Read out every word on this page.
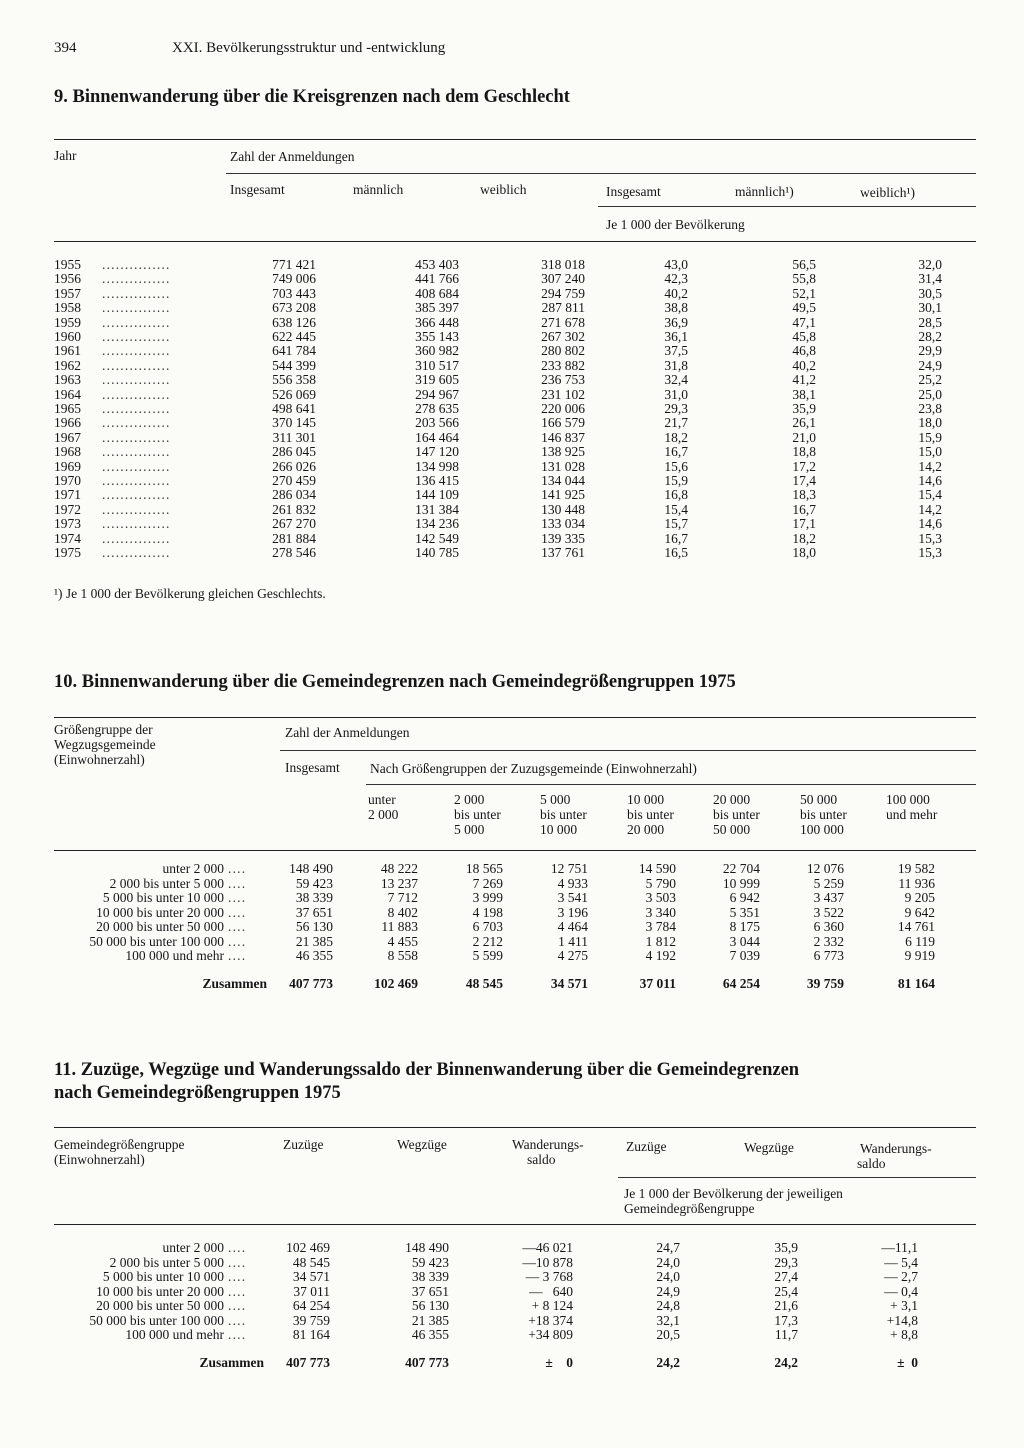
394	XXI. Bevölkerungsstruktur und -entwicklung
9. Binnenwanderung über die Kreisgrenzen nach dem Geschlecht
Jahr	Zahl der Anmeldungen
Insgesamt	männlich	weiblich	Insgesamt	männlich¹)	weiblich¹)
Je 1 000 der Bevölkerung
1955 ...............	771 421	453 403	318 018	43,0	56,5	32,0
1956 ...............	749 006	441 766	307 240	42,3	55,8	31,4
1957 ...............	703 443	408 684	294 759	40,2	52,1	30,5
1958 ...............	673 208	385 397	287 811	38,8	49,5	30,1
1959 ...............	638 126	366 448	271 678	36,9	47,1	28,5
1960 ...............	622 445	355 143	267 302	36,1	45,8	28,2
1961 ...............	641 784	360 982	280 802	37,5	46,8	29,9
1962 ...............	544 399	310 517	233 882	31,8	40,2	24,9
1963 ...............	556 358	319 605	236 753	32,4	41,2	25,2
1964 ...............	526 069	294 967	231 102	31,0	38,1	25,0
1965 ...............	498 641	278 635	220 006	29,3	35,9	23,8
1966 ...............	370 145	203 566	166 579	21,7	26,1	18,0
1967 ...............	311 301	164 464	146 837	18,2	21,0	15,9
1968 ...............	286 045	147 120	138 925	16,7	18,8	15,0
1969 ...............	266 026	134 998	131 028	15,6	17,2	14,2
1970 ...............	270 459	136 415	134 044	15,9	17,4	14,6
1971 ...............	286 034	144 109	141 925	16,8	18,3	15,4
1972 ...............	261 832	131 384	130 448	15,4	16,7	14,2
1973 ...............	267 270	134 236	133 034	15,7	17,1	14,6
1974 ...............	281 884	142 549	139 335	16,7	18,2	15,3
1975 ...............	278 546	140 785	137 761	16,5	18,0	15,3
¹) Je 1 000 der Bevölkerung gleichen Geschlechts.
10. Binnenwanderung über die Gemeindegrenzen nach Gemeindegrößengruppen 1975
Größengruppe der
Wegzugsgemeinde
(Einwohnerzahl)
Zahl der Anmeldungen
Insgesamt Nach Größengruppen der Zuzugsgemeinde (Einwohnerzahl)
unter
2 000
2 000
bis unter
5 000
5 000
bis unter
10 000
10 000
bis unter
20 000
20 000
bis unter
50 000
50 000
bis unter
100 000
100 000
und mehr
unter 2 000 ....	148 490	48 222	18 565	12 751	14 590	22 704	12 076	19 582
2 000 bis unter 5 000 ....	59 423	13 237	7 269	4 933	5 790	10 999	5 259	11 936
5 000 bis unter 10 000 ....	38 339	7 712	3 999	3 541	3 503	6 942	3 437	9 205
10 000 bis unter 20 000 ....	37 651	8 402	4 198	3 196	3 340	5 351	3 522	9 642
20 000 bis unter 50 000 ....	56 130	11 883	6 703	4 464	3 784	8 175	6 360	14 761
50 000 bis unter 100 000 ....	21 385	4 455	2 212	1 411	1 812	3 044	2 332	6 119
100 000 und mehr ....	46 355	8 558	5 599	4 275	4 192	7 039	6 773	9 919
Zusammen 407 773	102 469	48 545	34 571	37 011	64 254	39 759	81 164
11. Zuzüge, Wegzüge und Wanderungssaldo der Binnenwanderung über die Gemeindegrenzen
nach Gemeindegrößengruppen 1975
Gemeindegrößengruppe
(Einwohnerzahl)
Zuzüge	Wegzüge	Wanderungs-
saldo
Zuzüge	Wegzüge	Wanderungs-
saldo
Je 1 000 der Bevölkerung der jeweiligen
Gemeindegrößengruppe
unter 2 000 ....	102 469	148 490	—46 021	24,7	35,9	—11,1
2 000 bis unter 5 000 ....	48 545	59 423	—10 878	24,0	29,3	— 5,4
5 000 bis unter 10 000 ....	34 571	38 339	— 3 768	24,0	27,4	— 2,7
10 000 bis unter 20 000 ....	37 011	37 651	—   640	24,9	25,4	— 0,4
20 000 bis unter 50 000 ....	64 254	56 130	+ 8 124	24,8	21,6	+ 3,1
50 000 bis unter 100 000 ....	39 759	21 385	+18 374	32,1	17,3	+14,8
100 000 und mehr ....	81 164	46 355	+34 809	20,5	11,7	+ 8,8
Zusammen 407 773	407 773	±    0	24,2	24,2	±  0
